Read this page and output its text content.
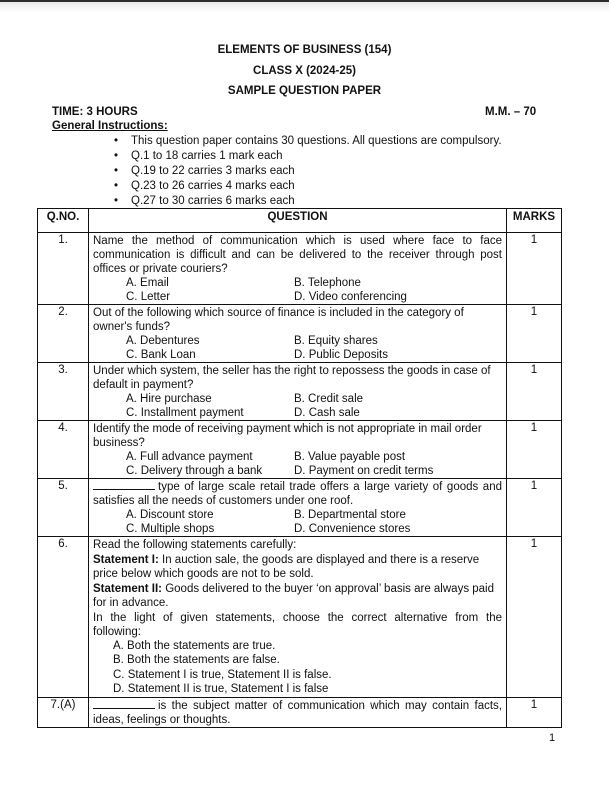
ELEMENTS OF BUSINESS (154)
CLASS X (2024-25)
SAMPLE QUESTION PAPER
TIME: 3 HOURS	M.M. – 70
General Instructions:
• This question paper contains 30 questions. All questions are compulsory.
• Q.1 to 18 carries 1 mark each
• Q.19 to 22 carries 3 marks each
• Q.23 to 26 carries 4 marks each
• Q.27 to 30 carries 6 marks each
Q.NO.	QUESTION	MARKS
1.	Name the method of communication which is used where face to face communication is difficult and can be delivered to the receiver through post offices or private couriers?
A. Email B. Telephone
C. Letter D. Video conferencing	1
2.	Out of the following which source of finance is included in the category of owner's funds?
A. Debentures B. Equity shares
C. Bank Loan D. Public Deposits	1
3.	Under which system, the seller has the right to repossess the goods in case of default in payment?
A. Hire purchase B. Credit sale
C. Installment payment D. Cash sale	1
4.	Identify the mode of receiving payment which is not appropriate in mail order business?
A. Full advance payment B. Value payable post
C. Delivery through a bank D. Payment on credit terms	1
5.	type of large scale retail trade offers a large variety of goods and satisfies all the needs of customers under one roof.
A. Discount store B. Departmental store
C. Multiple shops D. Convenience stores	1
6.	Read the following statements carefully:
Statement I: In auction sale, the goods are displayed and there is a reserve price below which goods are not to be sold.
Statement II: Goods delivered to the buyer ‘on approval’ basis are always paid for in advance.
In the light of given statements, choose the correct alternative from the following:
A. Both the statements are true.
B. Both the statements are false.
C. Statement I is true, Statement II is false.
D. Statement II is true, Statement I is false
	1
7.(A)	is the subject matter of communication which may contain facts, ideas, feelings or thoughts.	1
1
